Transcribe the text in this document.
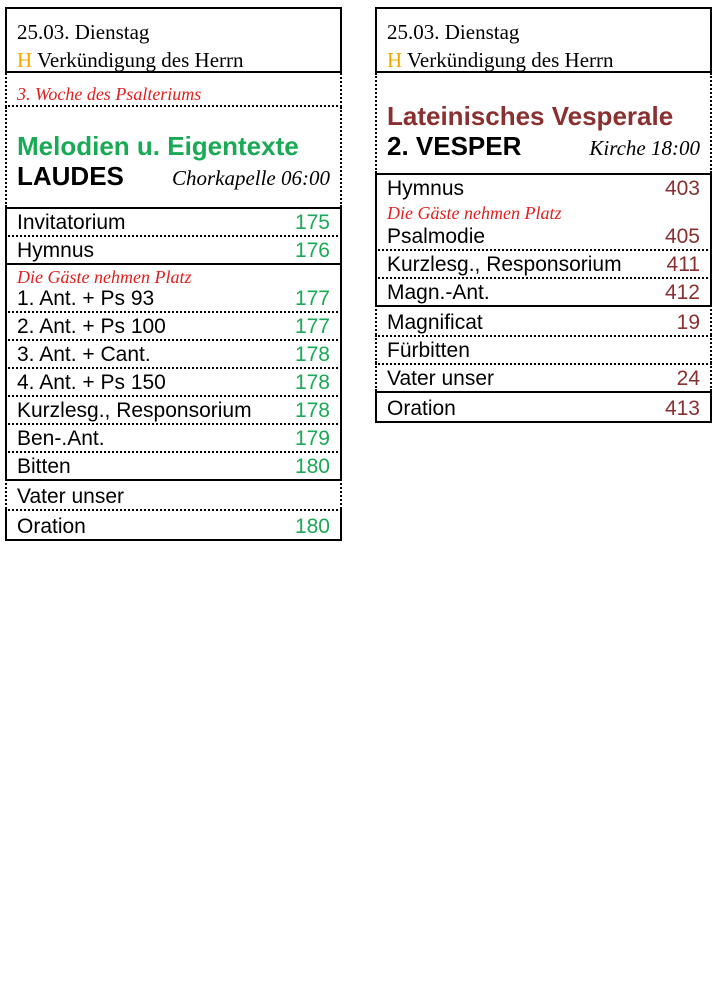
25.03. Dienstag
H Verkündigung des Herrn
3. Woche des Psalteriums
Melodien u. Eigentexte
LAUDES Chorkapelle 06:00
Invitatorium	175
Hymnus	176
Die Gäste nehmen Platz
1. Ant. + Ps 93	177
2. Ant. + Ps 100	177
3. Ant. + Cant.	178
4. Ant. + Ps 150	178
Kurzlesg., Responsorium 178
Ben-.Ant.	179
Bitten	180
Vater unser
Oration	180
25.03. Dienstag
H Verkündigung des Herrn
Lateinisches Vesperale
2. VESPER	Kirche 18:00
Hymnus	403
Die Gäste nehmen Platz
Psalmodie	405
Kurzlesg., Responsorium 411
Magn.-Ant.	412
Magnificat	19
Fürbitten
Vater unser	24
Oration	413
